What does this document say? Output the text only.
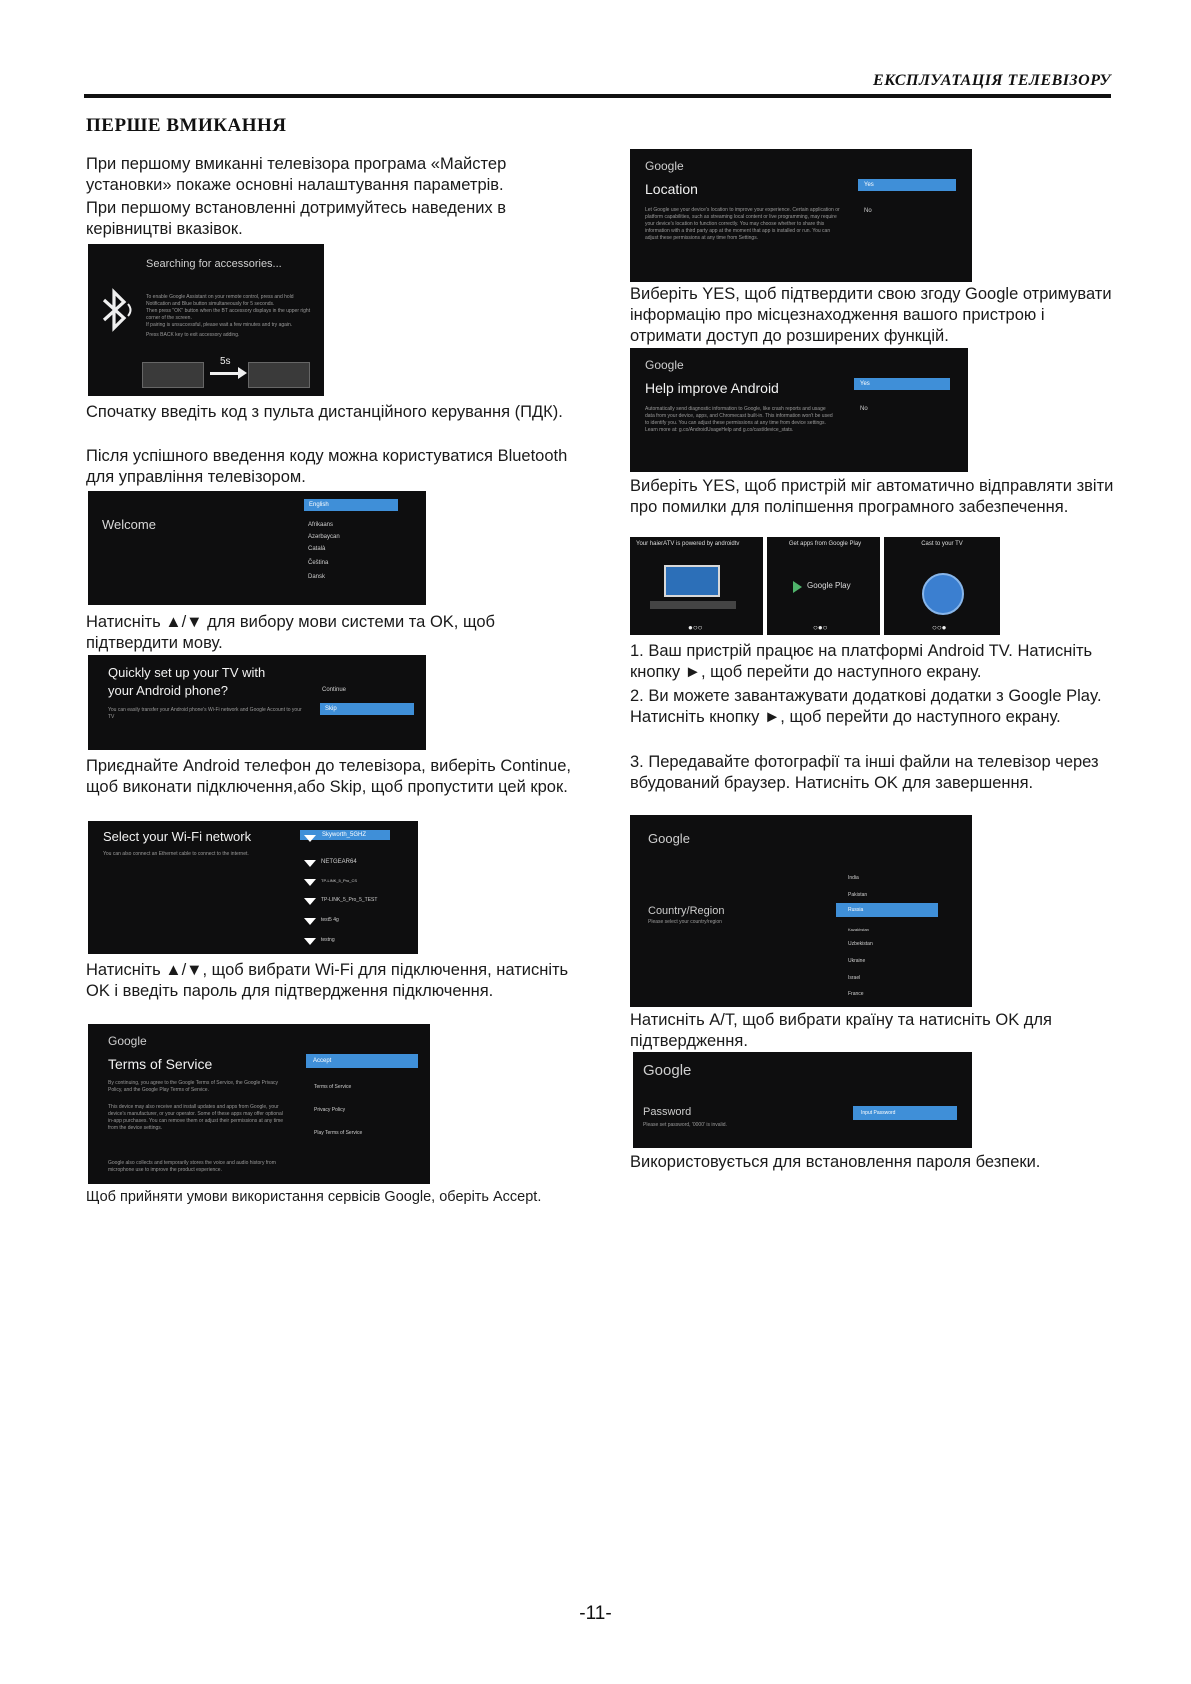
ЕКСПЛУАТАЦІЯ ТЕЛЕВІЗОРУ
ПЕРШЕ ВМИКАННЯ
При першому вмиканні телевізора програма «Майстер установки» покаже основні налаштування параметрів.
При першому встановленні дотримуйтесь наведених в керівництві вказівок.
Searching for accessories...
To enable Google Assistant on your remote control, press and hold Notification and Blue button simultaneously for 5 seconds.
Then press "OK" button when the BT accessory displays in the upper right corner of the screen.
If pairing is unsuccessful, please wait a few minutes and try again.
Press BACK key to exit accessory adding.
5s
Спочатку введіть код з пульта дистанційного керування (ПДК).
Після успішного введення коду можна користуватися Bluetooth для управління телевізором.
Welcome
English
Afrikaans
Azərbaycan
Català
Čeština
Dansk
Натисніть ▲/▼ для вибору мови системи та OK, щоб підтвердити мову.
Quickly set up your TV with
your Android phone?
You can easily transfer your Android phone's Wi-Fi network and Google Account to your TV
Continue
Skip
Приєднайте Android телефон до телевізора, виберіть Continue, щоб виконати підключення,або Skip, щоб пропустити цей крок.
Select your Wi-Fi network
You can also connect an Ethernet cable to connect to the internet.
Skyworth_5GHZ
NETGEAR64
TP-LINK_5_Pro_CS
TP-LINK_5_Pro_5_TEST
test5 4g
testng
Натисніть ▲/▼, щоб вибрати Wi-Fi для підключення, натисніть OK і введіть пароль для підтвердження підключення.
Google
Terms of Service
By continuing, you agree to the Google Terms of Service, the Google Privacy Policy, and the Google Play Terms of Service.
This device may also receive and install updates and apps from Google, your device's manufacturer, or your operator. Some of these apps may offer optional in-app purchases. You can remove them or adjust their permissions at any time from the device settings.
Google also collects and temporarily stores the voice and audio history from microphone use to improve the product experience.
Accept
Terms of Service
Privacy Policy
Play Terms of Service
Щоб прийняти умови використання сервісів Google, оберіть Accept.
Google
Location
Let Google use your device's location to improve your experience. Certain application or platform capabilities, such as streaming local content or live programming, may require your device's location to function correctly. You may choose whether to share this information with a third party app at the moment that app is installed or run. You can adjust these permissions at any time from Settings.
Yes
No
Виберіть YES, щоб підтвердити свою згоду Google отримувати інформацію про місцезнаходження вашого пристрою і отримати доступ до розширених функцій.
Google
Help improve Android
Automatically send diagnostic information to Google, like crash reports and usage data from your device, apps, and Chromecast built-in. This information won't be used to identify you. You can adjust these permissions at any time from device settings. Learn more at: g.co/AndroidUsageHelp and g.co/cast/device_stats.
Yes
No
Виберіть YES, щоб пристрій міг автоматично відправляти звіти про помилки для поліпшення програмного забезпечення.
Your haierATV is powered by androidtv
●○○
Get apps from Google Play
Google Play
○●○
Cast to your TV
○○●
1. Ваш пристрій працює на платформі Android TV. Натисніть кнопку ►, щоб перейти до наступного екрану.
2. Ви можете завантажувати додаткові додатки з Google Play. Натисніть кнопку ►, щоб перейти до наступного екрану.
3. Передавайте фотографії та інші файли на телевізор через вбудований браузер. Натисніть OK для завершення.
Google
Country/Region
Please select your country/region
India
Pakistan
Russia
Kazakhstan
Uzbekistan
Ukraine
Israel
France
Натисніть A/T, щоб вибрати країну та натисніть OK для підтвердження.
Google
Password
Please set password, '0000' is invalid.
Input Password
Використовується для встановлення пароля безпеки.
-11-
